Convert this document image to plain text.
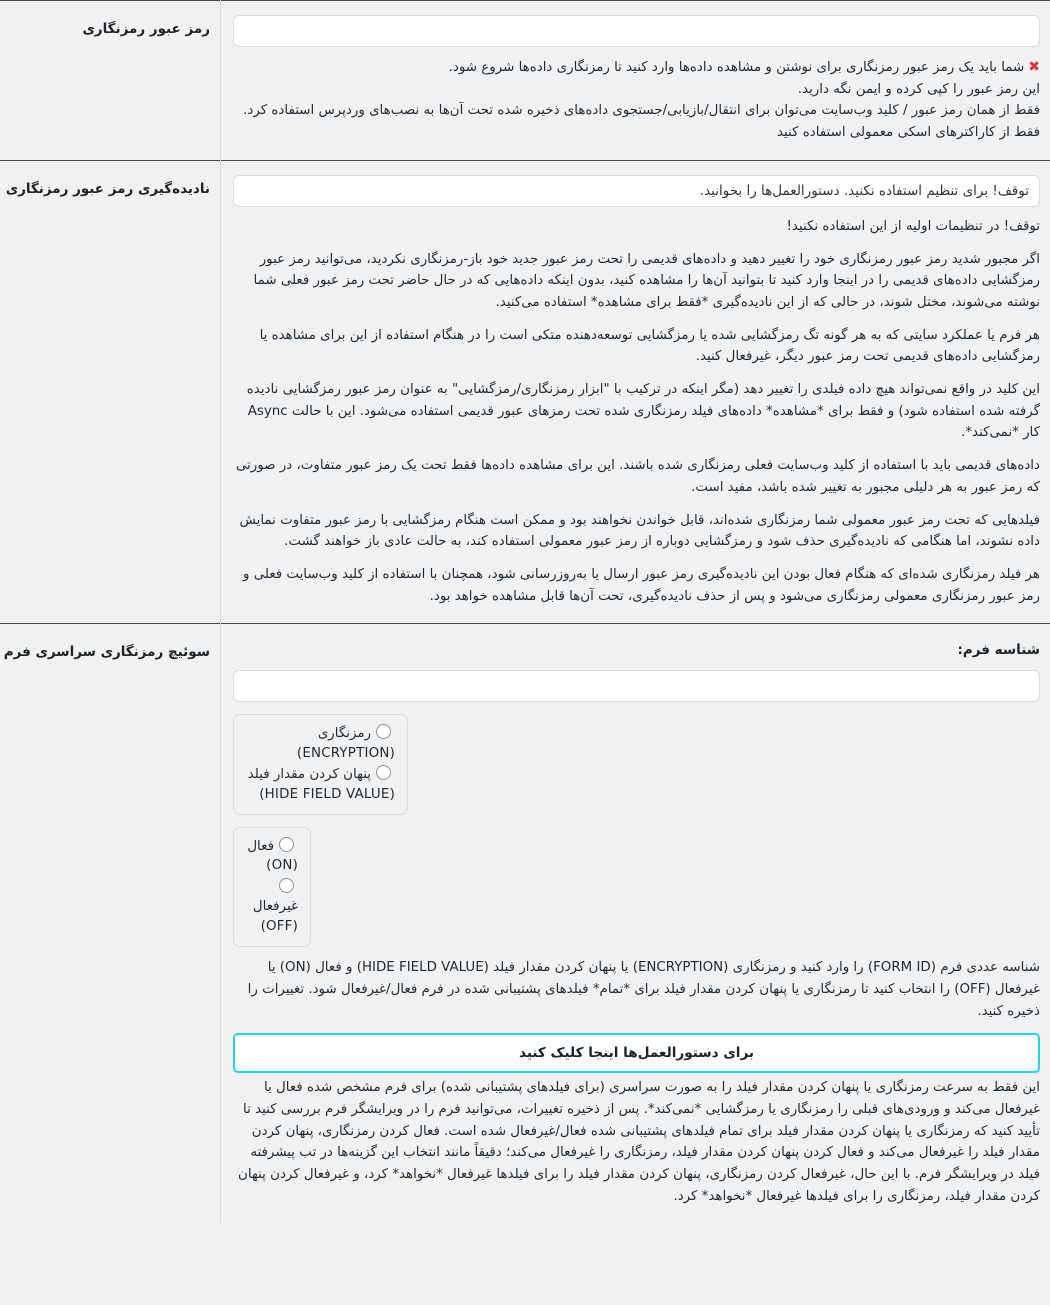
✖شما باید یک رمز عبور رمزنگاری برای نوشتن و مشاهده داده‌ها وارد کنید تا رمزنگاری داده‌ها شروع شود.
این رمز عبور را کپی کرده و ایمن نگه دارید.
فقط از همان رمز عبور / کلید وب‌سایت می‌توان برای انتقال/بازیابی/جستجوی داده‌های ذخیره شده تحت آن‌ها به نصب‌های وردپرس استفاده کرد.
فقط از کاراکترهای اسکی معمولی استفاده کنید	رمز عبور رمزنگاری

توقف! برای تنظیم استفاده نکنید. دستورالعمل‌ها را بخوانید.

توقف! در تنظیمات اولیه از این استفاده نکنید!

اگر مجبور شدید رمز عبور رمزنگاری خود را تغییر دهید و داده‌های قدیمی را تحت رمز عبور جدید خود باز-رمزنگاری نکردید، می‌توانید رمز عبور رمزگشایی داده‌های قدیمی را در اینجا وارد کنید تا بتوانید آن‌ها را مشاهده کنید، بدون اینکه داده‌هایی که در حال حاضر تحت رمز عبور فعلی شما نوشته می‌شوند، مختل شوند، در حالی که از این نادیده‌گیری *فقط برای مشاهده* استفاده می‌کنید.

هر فرم یا عملکرد سایتی که به هر گونه تگ رمزگشایی شده یا رمزگشایی توسعه‌دهنده متکی است را در هنگام استفاده از این برای مشاهده یا رمزگشایی داده‌های قدیمی تحت رمز عبور دیگر، غیرفعال کنید.

این کلید در واقع نمی‌تواند هیچ داده فیلدی را تغییر دهد (مگر اینکه در ترکیب با "ابزار رمزنگاری/رمزگشایی" به عنوان رمز عبور رمزگشایی نادیده گرفته شده استفاده شود) و فقط برای *مشاهده* داده‌های فیلد رمزنگاری شده تحت رمزهای عبور قدیمی استفاده می‌شود. این با حالت Async کار *نمی‌کند*.

داده‌های قدیمی باید با استفاده از کلید وب‌سایت فعلی رمزنگاری شده باشند. این برای مشاهده داده‌ها فقط تحت یک رمز عبور متفاوت، در صورتی که رمز عبور به هر دلیلی مجبور به تغییر شده باشد، مفید است.

فیلدهایی که تحت رمز عبور معمولی شما رمزنگاری شده‌اند، قابل خواندن نخواهند بود و ممکن است هنگام رمزگشایی با رمز عبور متفاوت نمایش داده نشوند، اما هنگامی که نادیده‌گیری حذف شود و رمزگشایی دوباره از رمز عبور معمولی استفاده کند، به حالت عادی باز خواهند گشت.

هر فیلد رمزنگاری شده‌ای که هنگام فعال بودن این نادیده‌گیری رمز عبور ارسال یا به‌روزرسانی شود، همچنان با استفاده از کلید وب‌سایت فعلی و رمز عبور رمزنگاری معمولی رمزنگاری می‌شود و پس از حذف نادیده‌گیری، تحت آن‌ها قابل مشاهده خواهد بود.

	نادیده‌گیری رمز عبور رمزنگاری

شناسه فرم:
رمزنگاری
(ENCRYPTION)
پنهان کردن مقدار فیلد
(HIDE FIELD VALUE)
فعال
(ON)
غیرفعال
(OFF)
شناسه عددی فرم (FORM ID) را وارد کنید و رمزنگاری (ENCRYPTION) یا پنهان کردن مقدار فیلد (HIDE FIELD VALUE) و فعال (ON) یا غیرفعال (OFF) را انتخاب کنید تا رمزنگاری یا پنهان کردن مقدار فیلد برای *تمام* فیلدهای پشتیبانی شده در فرم فعال/غیرفعال شود. تغییرات را ذخیره کنید.
برای دستورالعمل‌ها اینجا کلیک کنید
این فقط به سرعت رمزنگاری یا پنهان کردن مقدار فیلد را به صورت سراسری (برای فیلدهای پشتیبانی شده) برای فرم مشخص شده فعال یا غیرفعال می‌کند و ورودی‌های قبلی را رمزنگاری یا رمزگشایی *نمی‌کند*. پس از ذخیره تغییرات، می‌توانید فرم را در ویرایشگر فرم بررسی کنید تا تأیید کنید که رمزنگاری یا پنهان کردن مقدار فیلد برای تمام فیلدهای پشتیبانی شده فعال/غیرفعال شده است. فعال کردن رمزنگاری، پنهان کردن مقدار فیلد را غیرفعال می‌کند و فعال کردن پنهان کردن مقدار فیلد، رمزنگاری را غیرفعال می‌کند؛ دقیقاً مانند انتخاب این گزینه‌ها در تب پیشرفته فیلد در ویرایشگر فرم. با این حال، غیرفعال کردن رمزنگاری، پنهان کردن مقدار فیلد را برای فیلدها غیرفعال *نخواهد* کرد، و غیرفعال کردن پنهان کردن مقدار فیلد، رمزنگاری را برای فیلدها غیرفعال *نخواهد* کرد.
	سوئیچ رمزنگاری سراسری فرم
